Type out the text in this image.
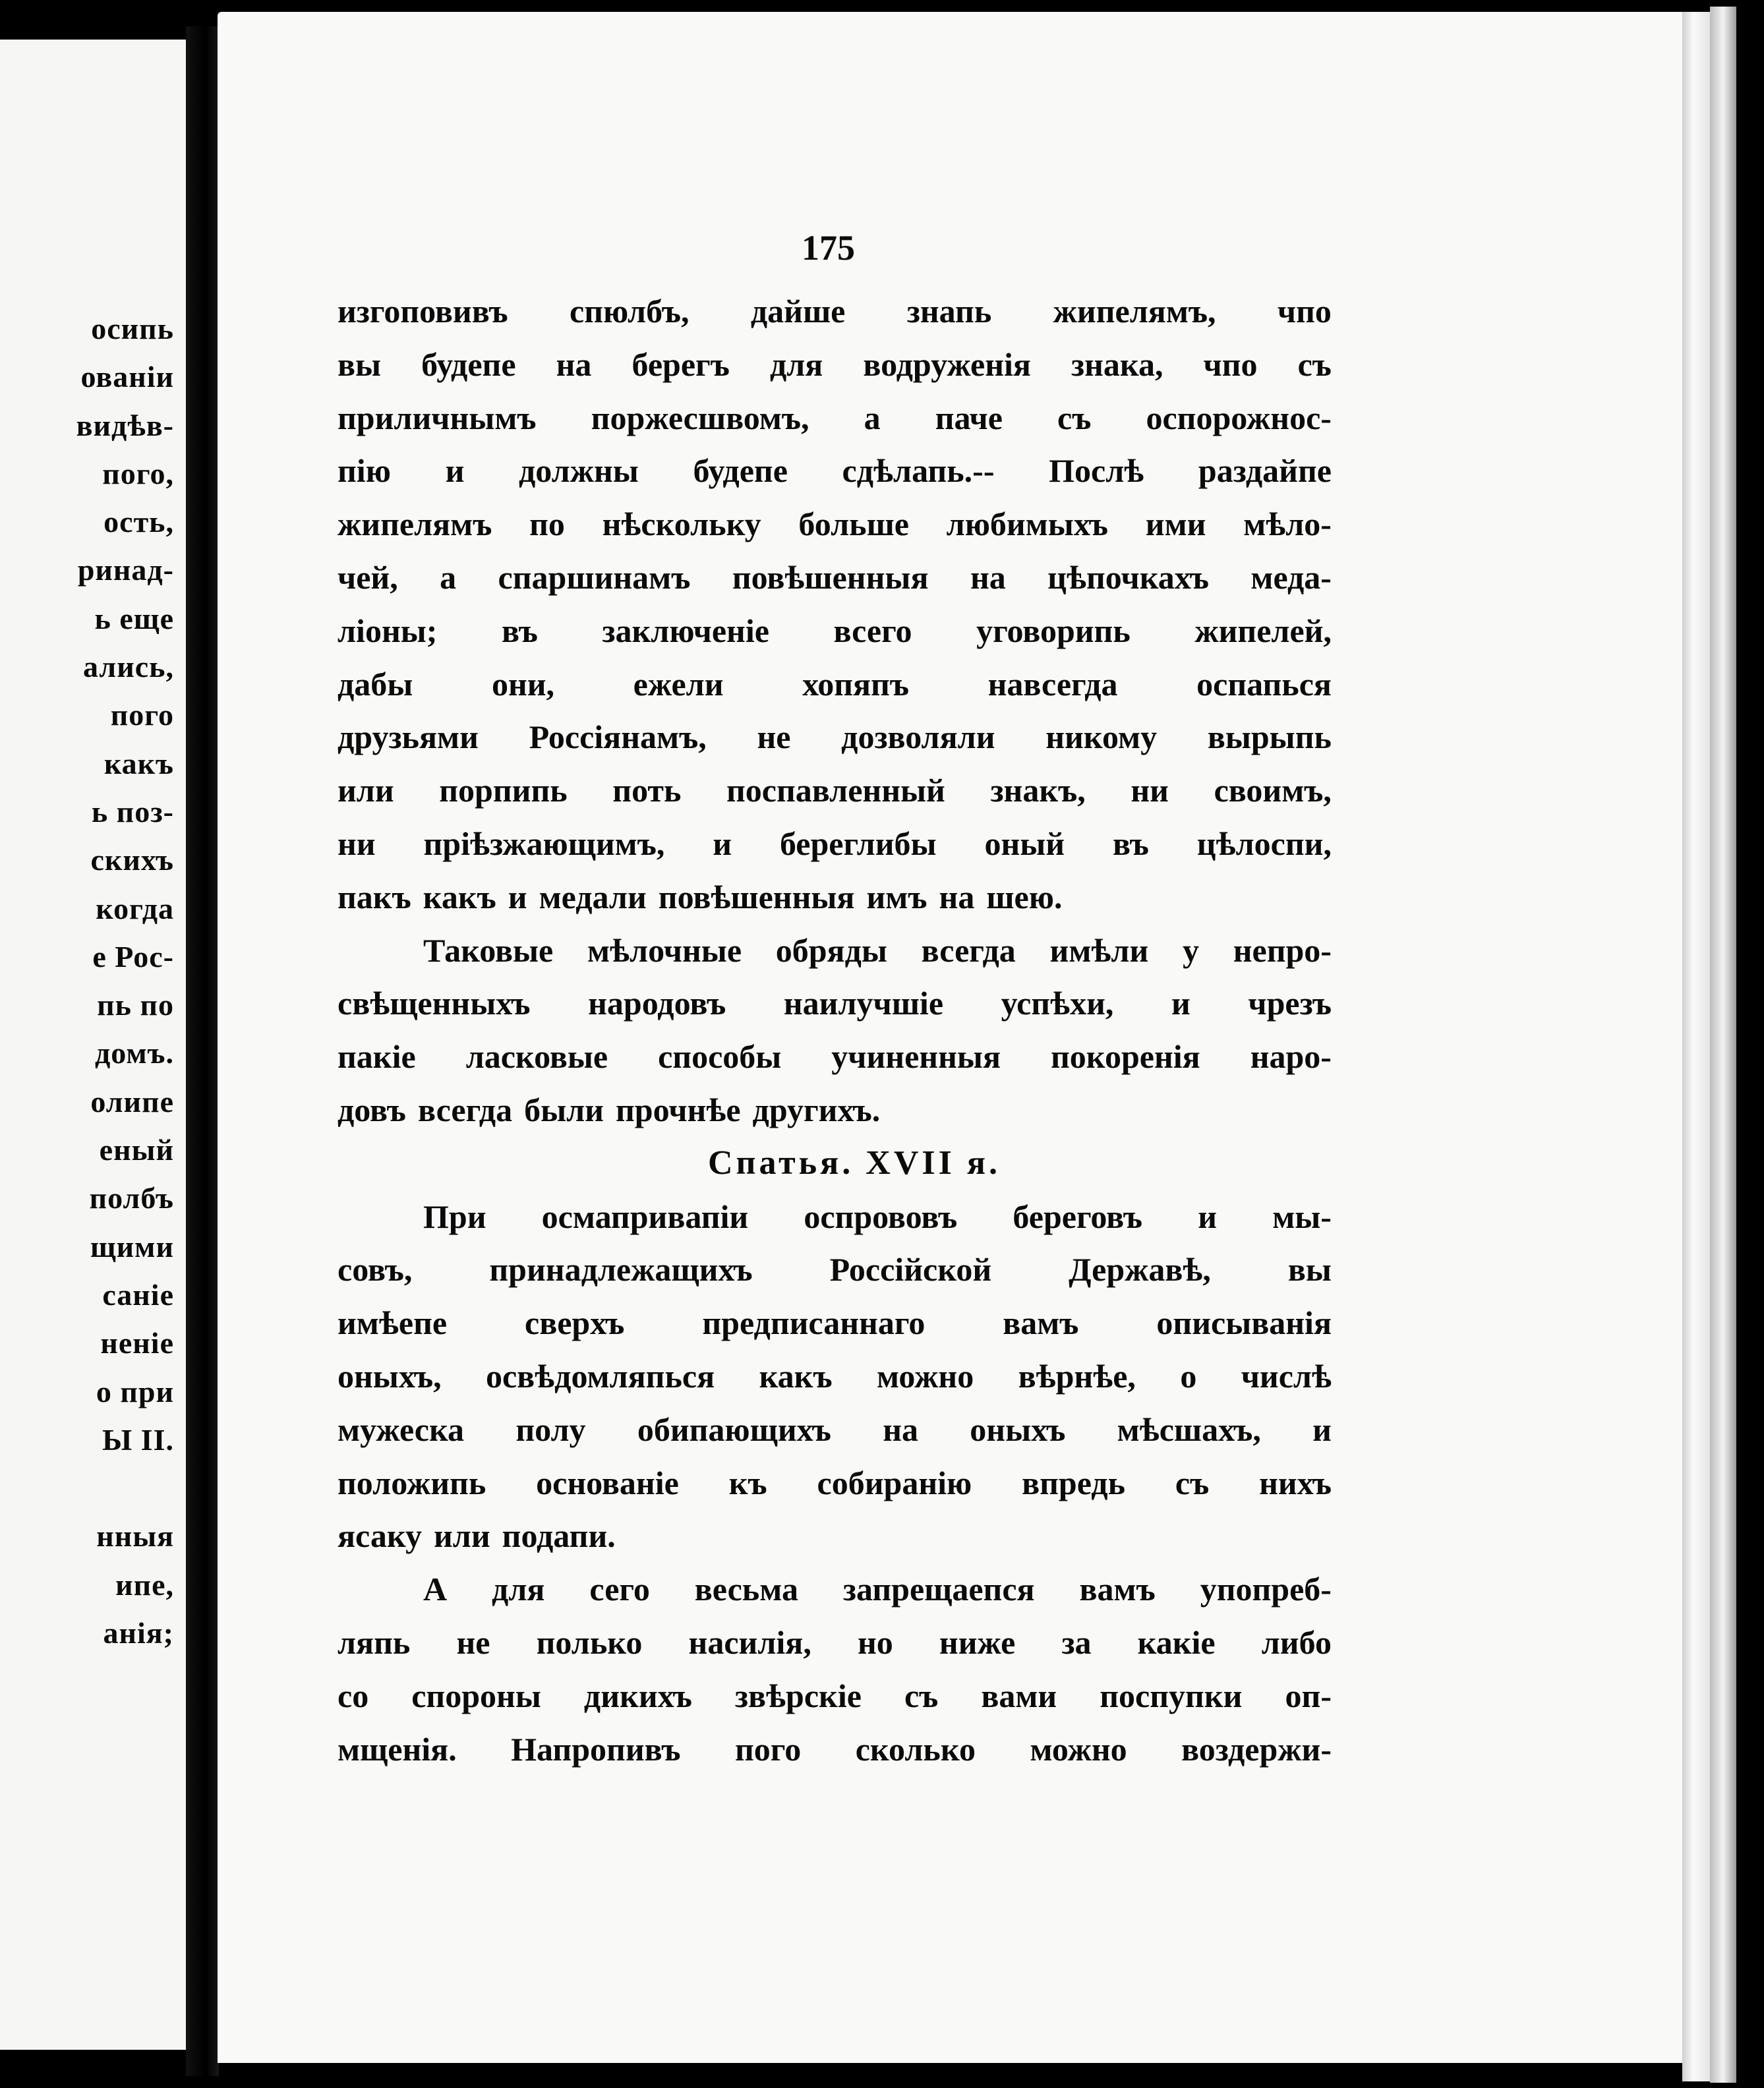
осипь
ованіи
видѣв-
пого,
ость,
ринад-
ь еще
ались,
пого
какъ
ь поз-
скихъ
когда
е Рос-
пь по
домъ.
олипе
еный
полбъ
щими
саніе
неніе
о при
Ы II.

нныя
ипе,
анія;
175
изгоповивъ спюлбъ, дайше знапь жипелямъ, чпо
вы будепе на берегъ для водруженія знака, чпо съ
приличнымъ порже​сшвомъ, а паче съ оспорожнос-
пію и должны будепе сдѣлапь.-- Послѣ раздайпе
жипелямъ по нѣскольку больше любимыхъ ими мѣло-
чей, а спаршинамъ повѣшенныя на цѣпочкахъ меда-
ліоны; въ заключеніе всего уговорипь жипелей,
дабы они, ежели хопяпъ навсегда оспапься
друзьями Россіянамъ, не дозволяли никому вырыпь
или порпипь поть поспавленный знакъ, ни своимъ,
ни пріѣзжающимъ, и береглибы оный въ цѣлоспи,
пакъ какъ и медали повѣшенныя имъ на шею.
Таковые мѣлочные обряды всегда имѣли у непро-
свѣщенныхъ народовъ наилучшіе успѣхи, и чрезъ
пакіе ласковые способы учиненныя покоренія наро-
довъ всегда были прочнѣе другихъ.
Спатья. XVII я.
При осмапривапіи оспрововъ береговъ и мы-
совъ, принадлежащихъ Россійской Державѣ, вы
имѣепе сверхъ предписаннаго вамъ описыванія
оныхъ, освѣдомляпься какъ можно вѣрнѣе, о числѣ
мужеска полу обипающихъ на оныхъ мѣсшахъ, и
положипь основаніе къ собиранію впредь съ нихъ
ясаку или подапи.
А для сего весьма запрещаепся вамъ упопреб-
ляпь не полько насилія, но ниже за какіе либо
со спороны дикихъ звѣрскіе съ вами поспупки оп-
мщенія. Напропивъ пого сколько можно воздержи-
